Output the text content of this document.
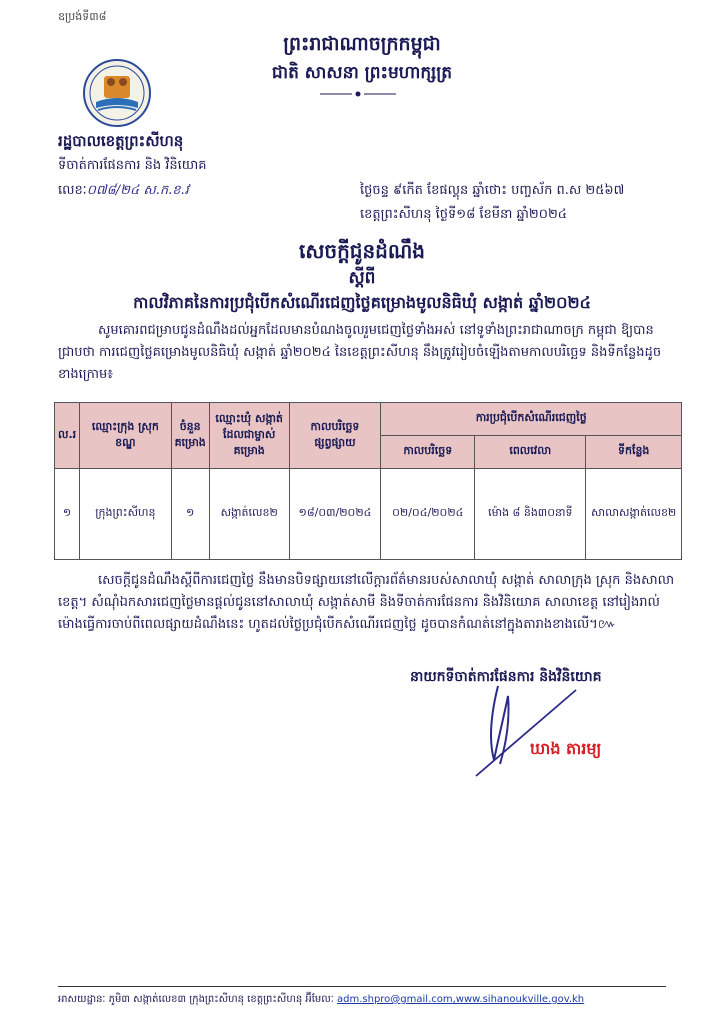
ឧប្រង់ទី៣៨
ព្រះរាជាណាចក្រកម្ពុជា
ជាតិ សាសនា ព្រះមហាក្សត្រ
រដ្ឋបាលខេត្តព្រះសីហនុ
ទីចាត់ការផែនការ និង វិនិយោគ
លេខៈ០៧៨/២៤ ស.ក.ខ.វ	ថ្ងៃចន្ទ ៩កើត ខែផល្គុន ឆ្នាំថោះ បញ្ចស័ក ព.ស ២៥៦៧
ខេត្តព្រះសីហនុ ថ្ងៃទី១៨ ខែមីនា ឆ្នាំ២០២៤
សេចក្តីជូនដំណឹង
ស្តីពី
កាលវិភាគនៃការប្រជុំបើកសំណើរជេញថ្លៃគម្រោងមូលនិធិឃុំ សង្កាត់ ឆ្នាំ២០២៤
សូមគោរពជម្រាបជូនដំណឹងដល់អ្នកដែលមានបំណងចូលរួមជេញថ្លៃទាំងអស់ នៅទូទាំងព្រះរាជាណាចក្រ កម្ពុជា ឱ្យបានជ្រាបថា ការជេញថ្លៃគម្រោងមូលនិធិឃុំ សង្កាត់ ឆ្នាំ២០២៤ នៃខេត្តព្រះសីហនុ នឹងត្រូវរៀបចំឡើងតាមកាលបរិច្ឆេទ និងទីកន្លែងដូចខាងក្រោម៖
ល.រ	ឈ្មោះក្រុង ស្រុក ខណ្ឌ	ចំនួន គម្រោង	ឈ្មោះឃុំ សង្កាត់ ដែលជាម្ចាស់ គម្រោង	កាលបរិច្ឆេទ ផ្សព្វផ្សាយ	ការប្រជុំបើកសំណើរជេញថ្លៃ		
					កាលបរិច្ឆេទ	ពេលវេលា	ទីកន្លែង
១	ក្រុងព្រះសីហនុ	១	សង្កាត់លេខ២	១៨/០៣/២០២៤	០២/០៤/២០២៤	ម៉ោង ៨ និង៣០នាទី	សាលាសង្កាត់លេខ២
សេចក្តីជូនដំណឹងស្តីពីការជេញថ្លៃ នឹងមានបិទផ្សាយនៅលើក្តារព័ត៌មានរបស់សាលាឃុំ សង្កាត់ សាលាក្រុង ស្រុក និងសាលាខេត្ត។ សំណុំឯកសារជេញថ្លៃមានផ្តល់ជូននៅសាលាឃុំ សង្កាត់សាមី និងទីចាត់ការផែនការ និងវិនិយោគ សាលាខេត្ត នៅរៀងរាល់ម៉ោងធ្វើការចាប់ពីពេលផ្សាយដំណឹងនេះ ហូតដល់ថ្ងៃប្រជុំបើកសំណើរជេញថ្លៃ ដូចបានកំណត់នៅក្នុងតារាងខាងលើ។៚
នាយកទីចាត់ការផែនការ និងវិនិយោគ
ឃាង តារម្យ
អាសយដ្ឋានៈ ភូមិ៣ សង្កាត់លេខ៣ ក្រុងព្រះសីហនុ ខេត្តព្រះសីហនុ អ៊ីមែលៈ adm.shpro@gmail.com,www.sihanoukville.gov.kh
